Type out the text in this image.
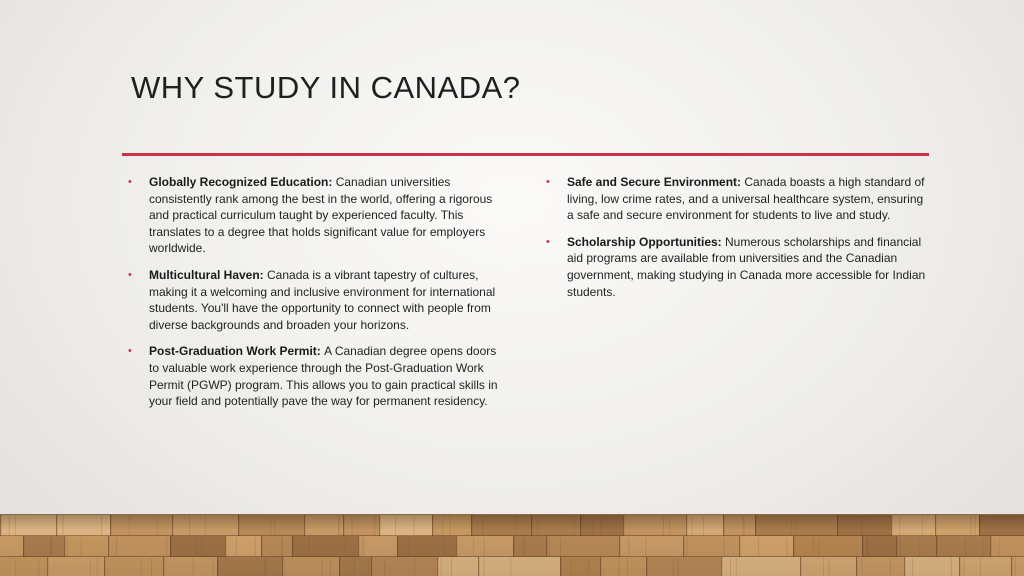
WHY STUDY IN CANADA?
• Globally Recognized Education: Canadian universities consistently rank among the best in the world, offering a rigorous and practical curriculum taught by experienced faculty. This translates to a degree that holds significant value for employers worldwide.
• Multicultural Haven: Canada is a vibrant tapestry of cultures, making it a welcoming and inclusive environment for international students. You'll have the opportunity to connect with people from diverse backgrounds and broaden your horizons.
• Post-Graduation Work Permit: A Canadian degree opens doors to valuable work experience through the Post-Graduation Work Permit (PGWP) program. This allows you to gain practical skills in your field and potentially pave the way for permanent residency.
• Safe and Secure Environment: Canada boasts a high standard of living, low crime rates, and a universal healthcare system, ensuring a safe and secure environment for students to live and study.
• Scholarship Opportunities: Numerous scholarships and financial aid programs are available from universities and the Canadian government, making studying in Canada more accessible for Indian students.
